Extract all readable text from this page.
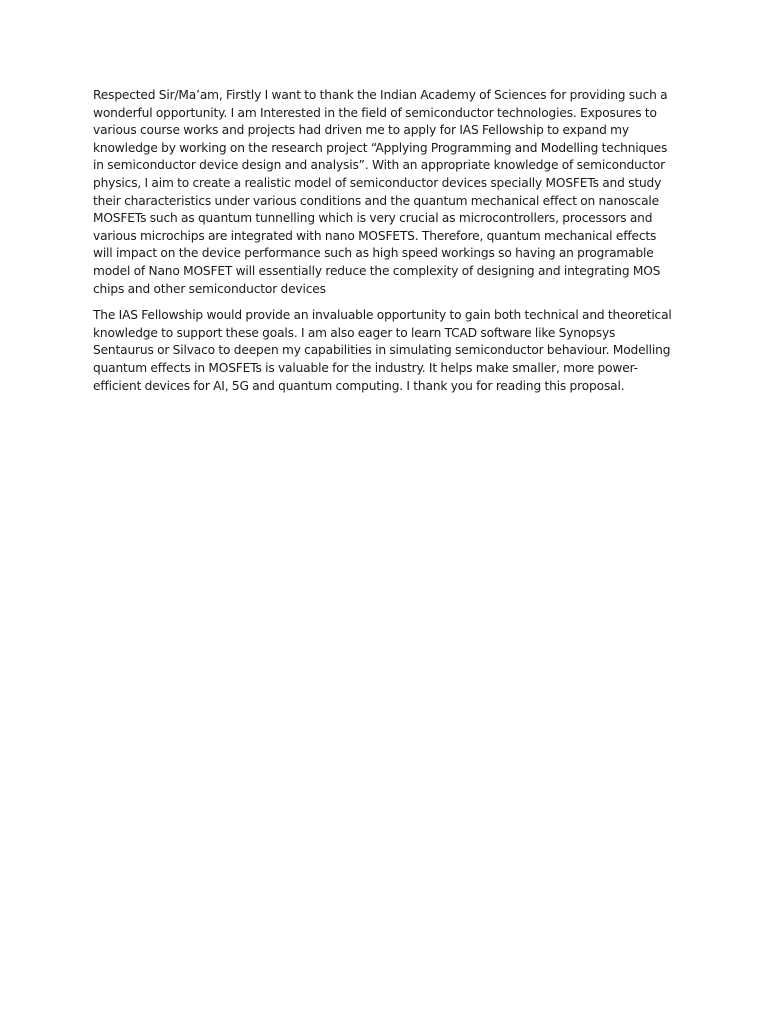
Respected Sir/Ma’am, Firstly I want to thank the Indian Academy of Sciences for providing such a wonderful opportunity. I am Interested in the field of semiconductor technologies. Exposures to various course works and projects had driven me to apply for IAS Fellowship to expand my knowledge by working on the research project “Applying Programming and Modelling techniques in semiconductor device design and analysis”. With an appropriate knowledge of semiconductor physics, I aim to create a realistic model of semiconductor devices specially MOSFETs and study their characteristics under various conditions and the quantum mechanical effect on nanoscale MOSFETs such as quantum tunnelling which is very crucial as microcontrollers, processors and various microchips are integrated with nano MOSFETS. Therefore, quantum mechanical effects will impact on the device performance such as high speed workings so having an programable model of Nano MOSFET will essentially reduce the complexity of designing and integrating MOS chips and other semiconductor devices

The IAS Fellowship would provide an invaluable opportunity to gain both technical and theoretical knowledge to support these goals. I am also eager to learn TCAD software like Synopsys Sentaurus or Silvaco to deepen my capabilities in simulating semiconductor behaviour. Modelling quantum effects in MOSFETs is valuable for the industry. It helps make smaller, more power-efficient devices for AI, 5G and quantum computing. I thank you for reading this proposal.
